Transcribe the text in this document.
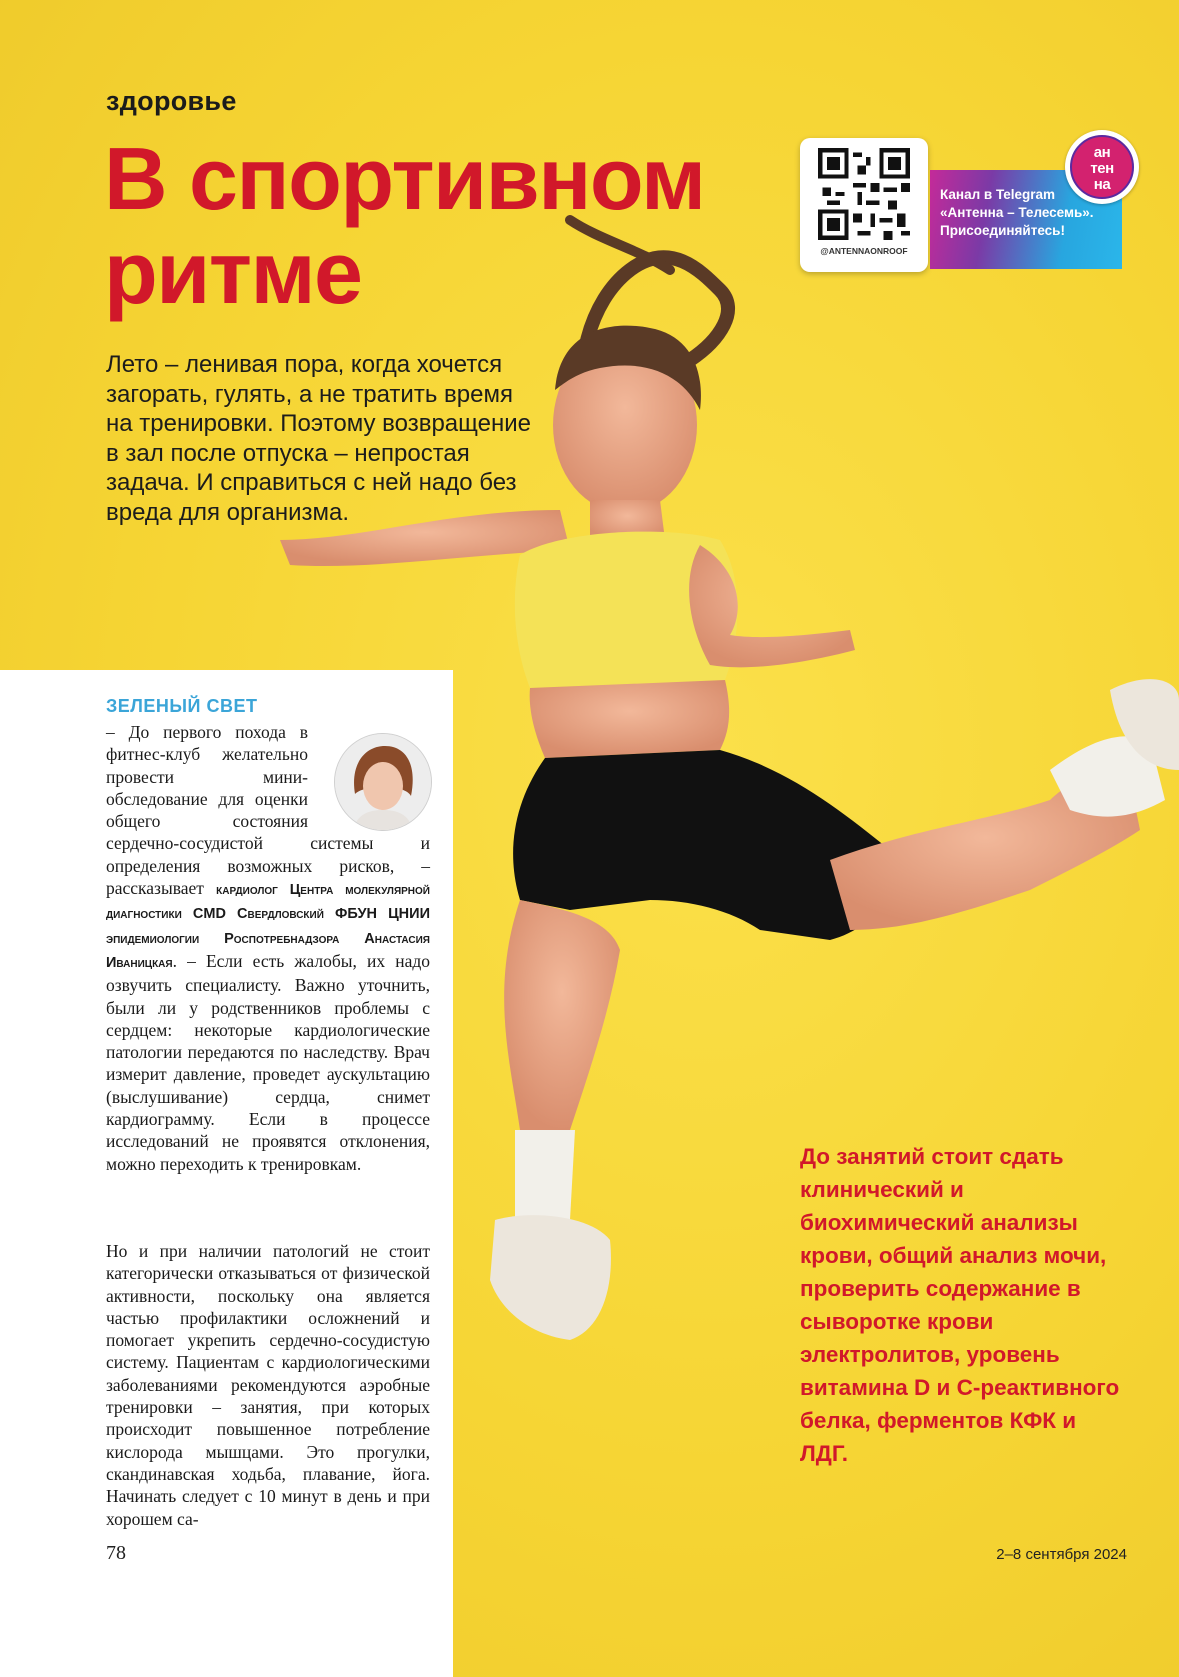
здоровье
В спортивном ритме

Лето – ленивая пора, когда хочется загорать, гулять, а не тратить время на тренировки. Поэтому возвращение в зал после отпуска – непростая задача. И справиться с ней надо без вреда для организма.

@ANTENNAONROOF
Канал в Telegram «Антенна – Телесемь». Присоединяйтесь!
ан
тен
на
ЗЕЛЕНЫЙ СВЕТ

– До первого похода в фитнес-клуб желательно провести мини-обследование для оценки общего состояния сердечно-сосудистой системы и определения возможных рисков, – рассказывает кардиолог Центра молекулярной диагностики CMD Свердловский ФБУН ЦНИИ эпидемиологии Роспотребнадзора Анастасия Иваницкая. – Если есть жалобы, их надо озвучить специалисту. Важно уточнить, были ли у родственников проблемы с сердцем: некоторые кардиологические патологии передаются по наследству. Врач измерит давление, проведет аускультацию (выслушивание) сердца, снимет кардиограмму. Если в процессе исследований не проявятся отклонения, можно переходить к тренировкам.

Но и при наличии патологий не стоит категорически отказываться от физической активности, поскольку она является частью профилактики осложнений и помогает укрепить сердечно-сосудистую систему. Пациентам с кардиологическими заболеваниями рекомендуются аэробные тренировки – занятия, при которых происходит повышенное потребление кислорода мышцами. Это прогулки, скандинавская ходьба, плавание, йога. Начинать следует с 10 минут в день и при хорошем са-

До занятий стоит сдать клинический и биохимический анализы крови, общий анализ мочи, проверить содержание в сыворотке крови электролитов, уровень витамина D и С-реактивного белка, ферментов КФК и ЛДГ.

78	2–8 сентября 2024
